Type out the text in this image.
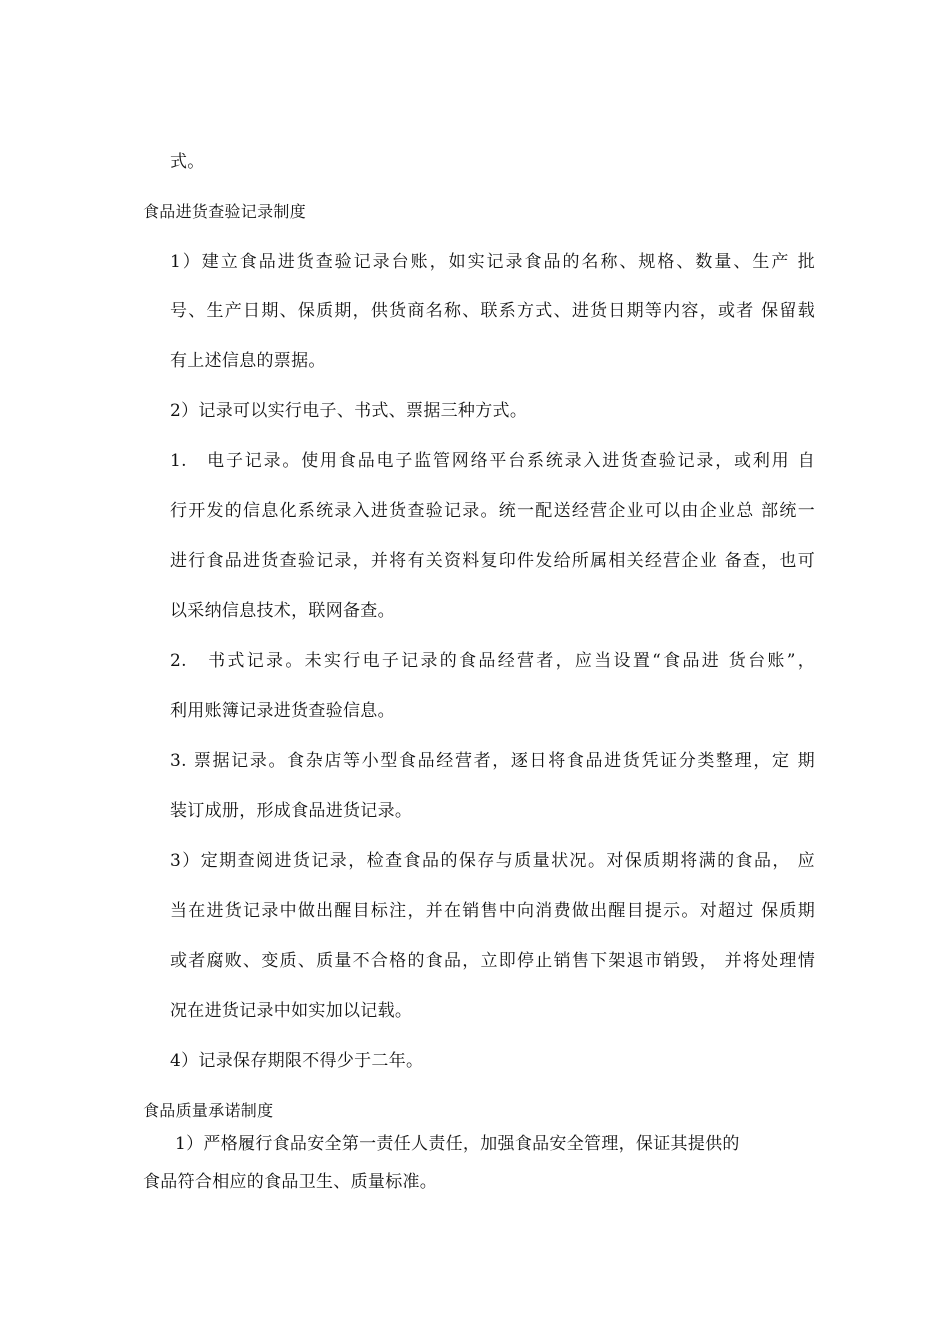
式。
食品进货查验记录制度
1）建立食品进货查验记录台账，如实记录食品的名称、规格、数量、生产 批
号、生产日期、保质期，供货商名称、联系方式、进货日期等内容，或者 保留载
有上述信息的票据。
2）记录可以实行电子、书式、票据三种方式。
1.　电子记录。使用食品电子监管网络平台系统录入进货查验记录，或利用 自
行开发的信息化系统录入进货查验记录。统一配送经营企业可以由企业总 部统一
进行食品进货查验记录，并将有关资料复印件发给所属相关经营企业 备查，也可
以采纳信息技术，联网备查。
2.　书式记录。未实行电子记录的食品经营者，应当设置“食品进 货台账”，
利用账簿记录进货查验信息。
3. 票据记录。食杂店等小型食品经营者，逐日将食品进货凭证分类整理，定 期
装订成册，形成食品进货记录。
3）定期查阅进货记录，检查食品的保存与质量状况。对保质期将满的食品， 应
当在进货记录中做出醒目标注，并在销售中向消费做出醒目提示。对超过 保质期
或者腐败、变质、质量不合格的食品，立即停止销售下架退市销毁， 并将处理情
况在进货记录中如实加以记载。
4）记录保存期限不得少于二年。
食品质量承诺制度
1）严格履行食品安全第一责任人责任，加强食品安全管理，保证其提供的
食品符合相应的食品卫生、质量标准。
